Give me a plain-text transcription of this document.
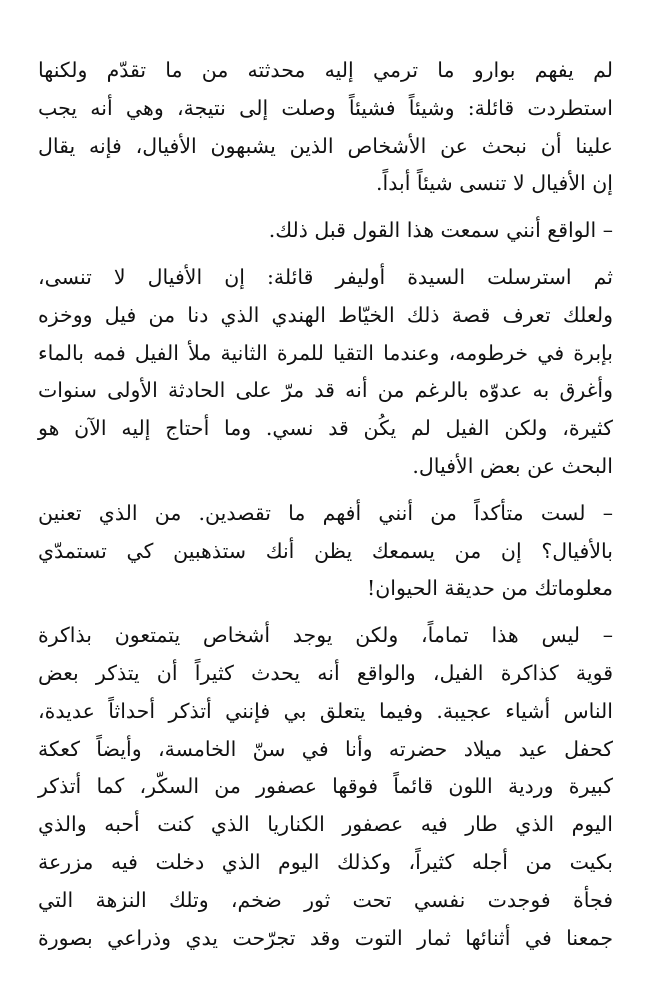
لم يفهم بوارو ما ترمي إليه محدثته من ما تقدّم ولكنها
استطردت قائلة: وشيئاً فشيئاً وصلت إلى نتيجة، وهي أنه يجب
علينا أن نبحث عن الأشخاص الذين يشبهون الأفيال، فإنه يقال
إن الأفيال لا تنسى شيئاً أبداً.

– الواقع أنني سمعت هذا القول قبل ذلك.

ثم استرسلت السيدة أوليفر قائلة: إن الأفيال لا تنسى،
ولعلك تعرف قصة ذلك الخيّاط الهندي الذي دنا من فيل ووخزه
بإبرة في خرطومه، وعندما التقيا للمرة الثانية ملأ الفيل فمه بالماء
وأغرق به عدوّه بالرغم من أنه قد مرّ على الحادثة الأولى سنوات
كثيرة، ولكن الفيل لم يكُن قد نسي. وما أحتاج إليه الآن هو
البحث عن بعض الأفيال.

– لست متأكداً من أنني أفهم ما تقصدين. من الذي تعنين
بالأفيال؟ إن من يسمعك يظن أنك ستذهبين كي تستمدّي
معلوماتك من حديقة الحيوان!

– ليس هذا تماماً، ولكن يوجد أشخاص يتمتعون بذاكرة
قوية كذاكرة الفيل، والواقع أنه يحدث كثيراً أن يتذكر بعض
الناس أشياء عجيبة. وفيما يتعلق بي فإنني أتذكر أحداثاً عديدة،
كحفل عيد ميلاد حضرته وأنا في سنّ الخامسة، وأيضاً كعكة
كبيرة وردية اللون قائماً فوقها عصفور من السكّر، كما أتذكر
اليوم الذي طار فيه عصفور الكناريا الذي كنت أحبه والذي
بكيت من أجله كثيراً، وكذلك اليوم الذي دخلت فيه مزرعة
فجأة فوجدت نفسي تحت ثور ضخم، وتلك النزهة التي
جمعنا في أثنائها ثمار التوت وقد تجرّحت يدي وذراعي بصورة
